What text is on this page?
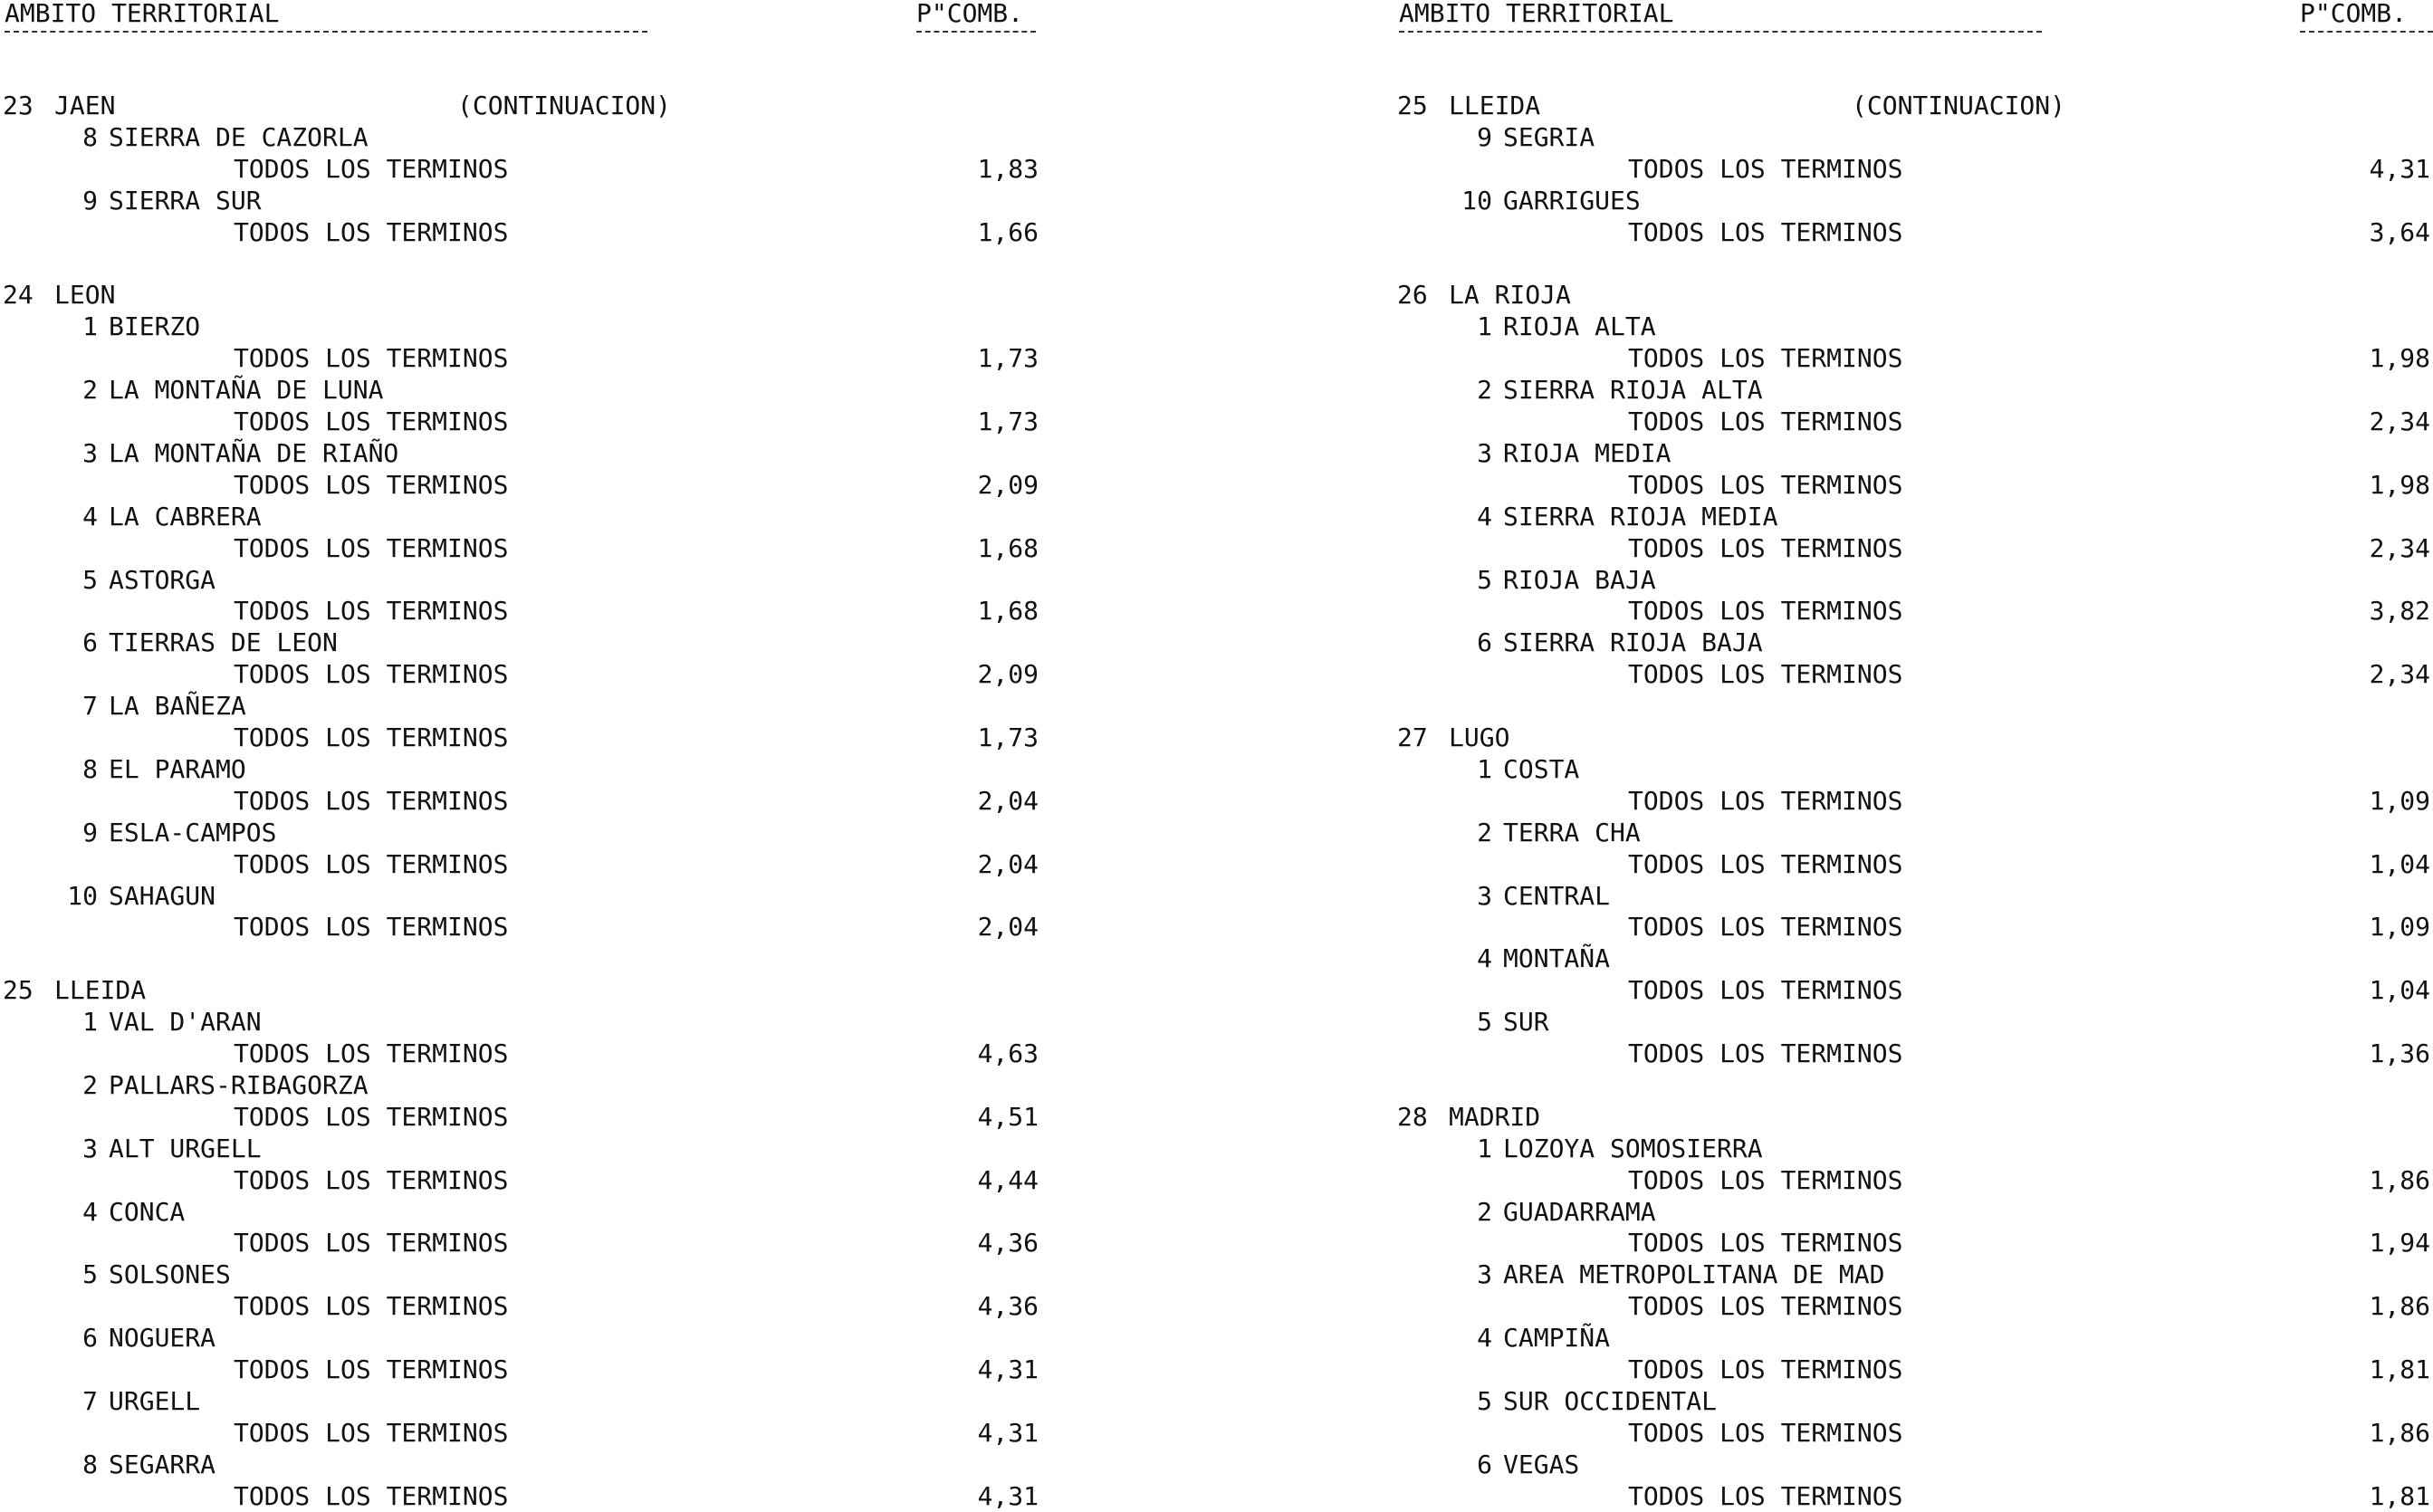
AMBITO TERRITORIAL	P"COMB.
23 JAEN	(CONTINUACION)
8 SIERRA DE CAZORLA
TODOS LOS TERMINOS	1,83
9 SIERRA SUR
TODOS LOS TERMINOS	1,66
24 LEON
1 BIERZO
TODOS LOS TERMINOS	1,73
2 LA MONTAÑA DE LUNA
TODOS LOS TERMINOS	1,73
3 LA MONTAÑA DE RIAÑO
TODOS LOS TERMINOS	2,09
4 LA CABRERA
TODOS LOS TERMINOS	1,68
5 ASTORGA
TODOS LOS TERMINOS	1,68
6 TIERRAS DE LEON
TODOS LOS TERMINOS	2,09
7 LA BAÑEZA
TODOS LOS TERMINOS	1,73
8 EL PARAMO
TODOS LOS TERMINOS	2,04
9 ESLA-CAMPOS
TODOS LOS TERMINOS	2,04
10 SAHAGUN
TODOS LOS TERMINOS	2,04
25 LLEIDA
1 VAL D'ARAN
TODOS LOS TERMINOS	4,63
2 PALLARS-RIBAGORZA
TODOS LOS TERMINOS	4,51
3 ALT URGELL
TODOS LOS TERMINOS	4,44
4 CONCA
TODOS LOS TERMINOS	4,36
5 SOLSONES
TODOS LOS TERMINOS	4,36
6 NOGUERA
TODOS LOS TERMINOS	4,31
7 URGELL
TODOS LOS TERMINOS	4,31
8 SEGARRA
TODOS LOS TERMINOS	4,31
AMBITO TERRITORIAL	P"COMB.
25 LLEIDA	(CONTINUACION)
9 SEGRIA
TODOS LOS TERMINOS	4,31
10 GARRIGUES
TODOS LOS TERMINOS	3,64
26 LA RIOJA
1 RIOJA ALTA
TODOS LOS TERMINOS	1,98
2 SIERRA RIOJA ALTA
TODOS LOS TERMINOS	2,34
3 RIOJA MEDIA
TODOS LOS TERMINOS	1,98
4 SIERRA RIOJA MEDIA
TODOS LOS TERMINOS	2,34
5 RIOJA BAJA
TODOS LOS TERMINOS	3,82
6 SIERRA RIOJA BAJA
TODOS LOS TERMINOS	2,34
27 LUGO
1 COSTA
TODOS LOS TERMINOS	1,09
2 TERRA CHA
TODOS LOS TERMINOS	1,04
3 CENTRAL
TODOS LOS TERMINOS	1,09
4 MONTAÑA
TODOS LOS TERMINOS	1,04
5 SUR
TODOS LOS TERMINOS	1,36
28 MADRID
1 LOZOYA SOMOSIERRA
TODOS LOS TERMINOS	1,86
2 GUADARRAMA
TODOS LOS TERMINOS	1,94
3 AREA METROPOLITANA DE MAD
TODOS LOS TERMINOS	1,86
4 CAMPIÑA
TODOS LOS TERMINOS	1,81
5 SUR OCCIDENTAL
TODOS LOS TERMINOS	1,86
6 VEGAS
TODOS LOS TERMINOS	1,81
